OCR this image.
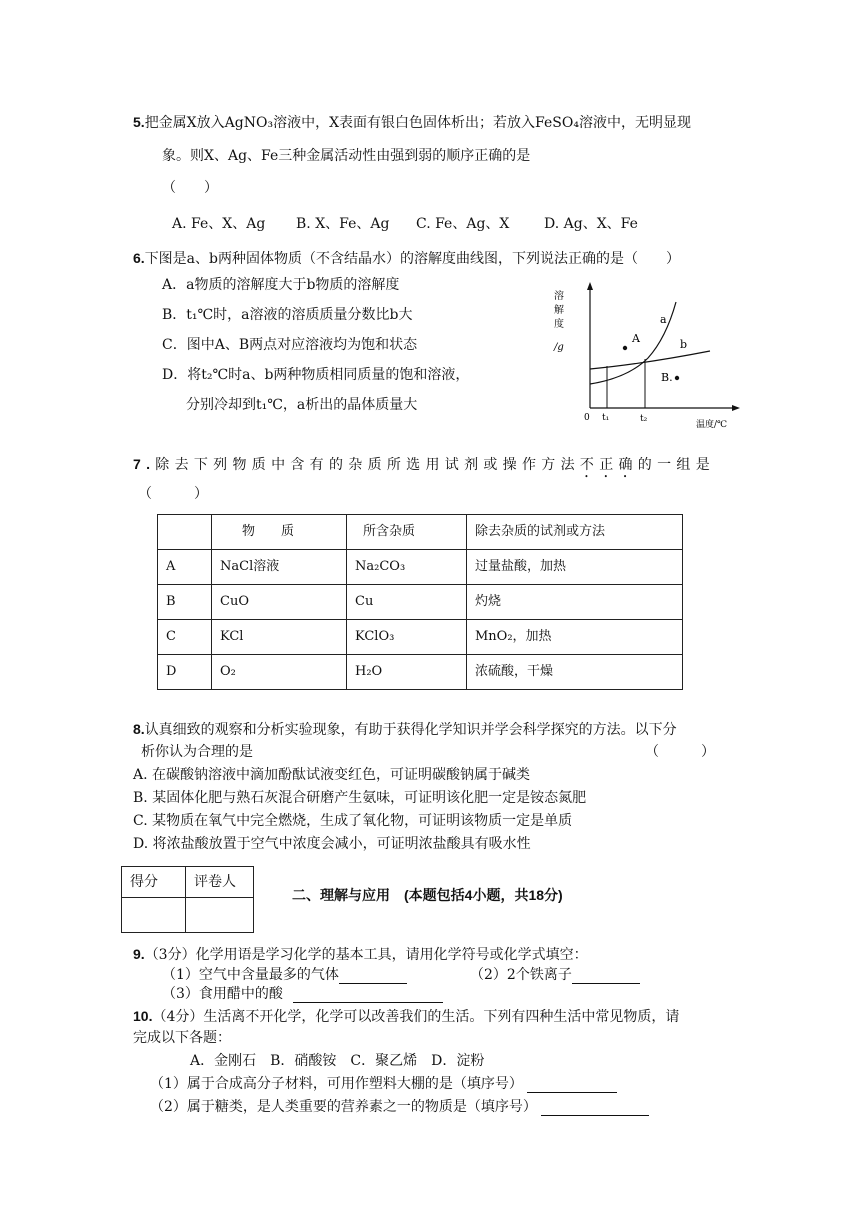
5.把金属X放入AgNO₃溶液中，X表面有银白色固体析出；若放入FeSO₄溶液中，无明显现
象。则X、Ag、Fe三种金属活动性由强到弱的顺序正确的是
（　　）
A. Fe、X、Ag B. X、Fe、Ag C. Fe、Ag、X D. Ag、X、Fe
6.下图是a、b两种固体物质（不含结晶水）的溶解度曲线图，下列说法正确的是（　　）
A．a物质的溶解度大于b物质的溶解度
B．t₁℃时，a溶液的溶质质量分数比b大
C．图中A、B两点对应溶液均为饱和状态
D．将t₂℃时a、b两种物质相同质量的饱和溶液，
分别冷却到t₁℃，a析出的晶体质量大
溶
解
度
/g
a
b
A
B.
0 t₁	t₂
温度/℃
7.除去下列物质中含有的杂质所选用试剂或操作方法不正确的一组是
（　　　）
	物　　质	所含杂质	除去杂质的试剂或方法
A	NaCl溶液	Na₂CO₃	过量盐酸，加热
B	CuO	Cu	灼烧
C	KCl	KClO₃	MnO₂，加热
D	O₂	H₂O	浓硫酸，干燥
8.认真细致的观察和分析实验现象，有助于获得化学知识并学会科学探究的方法。以下分
析你认为合理的是	（　　　）
A. 在碳酸钠溶液中滴加酚酞试液变红色，可证明碳酸钠属于碱类
B. 某固体化肥与熟石灰混合研磨产生氨味，可证明该化肥一定是铵态氮肥
C. 某物质在氧气中完全燃烧，生成了氧化物，可证明该物质一定是单质
D. 将浓盐酸放置于空气中浓度会减小，可证明浓盐酸具有吸水性
得分	评卷人

二、理解与应用　(本题包括4小题，共18分)
9.（3分）化学用语是学习化学的基本工具，请用化学符号或化学式填空：
（1）空气中含量最多的气体	（2）2个铁离子
（3）食用醋中的酸
10.（4分）生活离不开化学，化学可以改善我们的生活。下列有四种生活中常见物质，请
完成以下各题：
A．金刚石　B．硝酸铵　C．聚乙烯　D．淀粉
（1）属于合成高分子材料，可用作塑料大棚的是（填序号）
（2）属于糖类，是人类重要的营养素之一的物质是（填序号）
